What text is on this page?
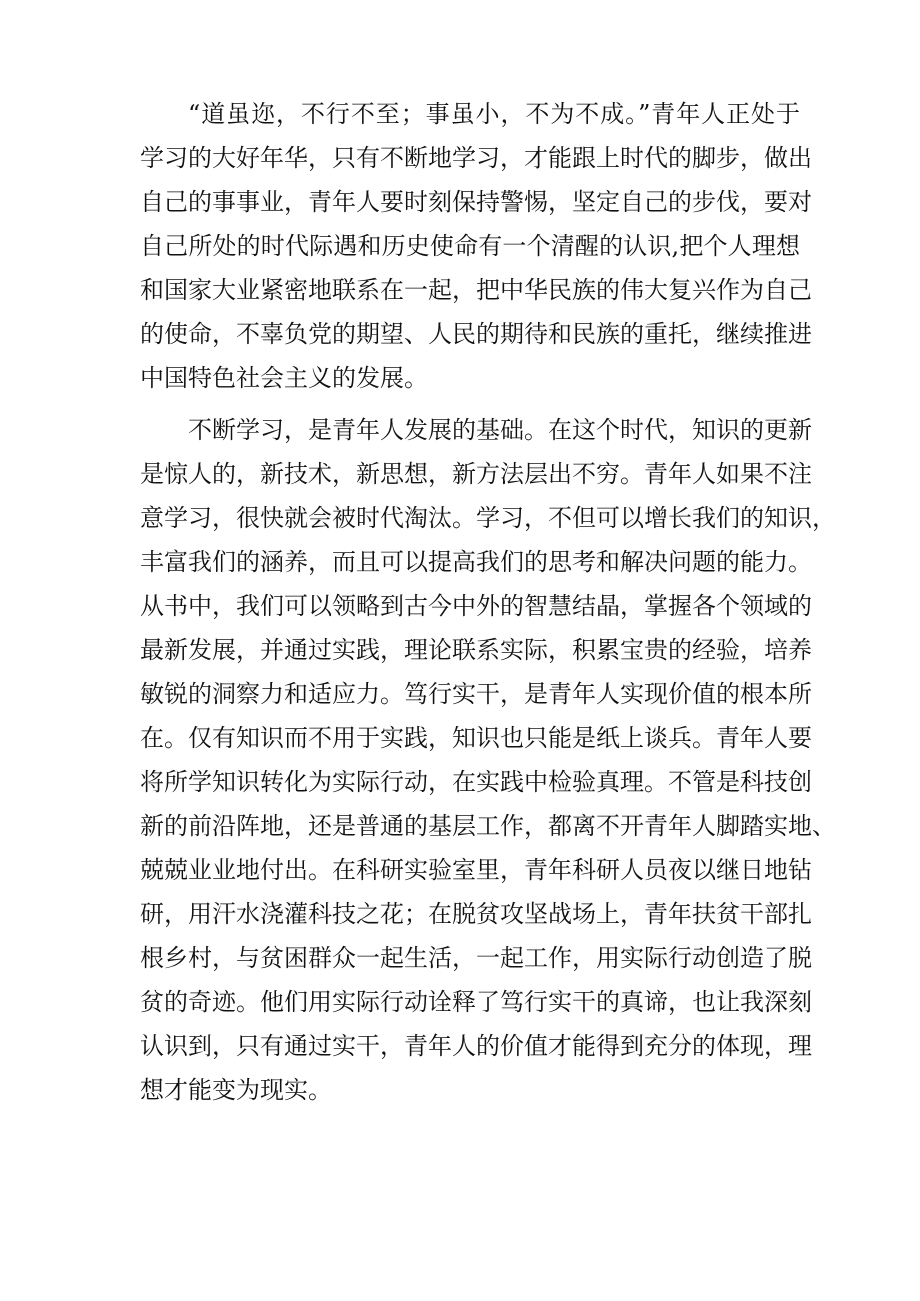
“道虽迩，不行不至；事虽小，不为不成。”青年人正处于
学习的大好年华，只有不断地学习，才能跟上时代的脚步，做出
自己的事事业，青年人要时刻保持警惕，坚定自己的步伐，要对
自己所处的时代际遇和历史使命有一个清醒的认识,把个人理想
和国家大业紧密地联系在一起，把中华民族的伟大复兴作为自己
的使命，不辜负党的期望、人民的期待和民族的重托，继续推进
中国特色社会主义的发展。
不断学习，是青年人发展的基础。在这个时代，知识的更新
是惊人的，新技术，新思想，新方法层出不穷。青年人如果不注
意学习，很快就会被时代淘汰。学习，不但可以增长我们的知识，
丰富我们的涵养，而且可以提高我们的思考和解决问题的能力。
从书中，我们可以领略到古今中外的智慧结晶，掌握各个领域的
最新发展，并通过实践，理论联系实际，积累宝贵的经验，培养
敏锐的洞察力和适应力。笃行实干，是青年人实现价值的根本所
在。仅有知识而不用于实践，知识也只能是纸上谈兵。青年人要
将所学知识转化为实际行动，在实践中检验真理。不管是科技创
新的前沿阵地，还是普通的基层工作，都离不开青年人脚踏实地、
兢兢业业地付出。在科研实验室里，青年科研人员夜以继日地钻
研，用汗水浇灌科技之花；在脱贫攻坚战场上，青年扶贫干部扎
根乡村，与贫困群众一起生活，一起工作，用实际行动创造了脱
贫的奇迹。他们用实际行动诠释了笃行实干的真谛，也让我深刻
认识到，只有通过实干，青年人的价值才能得到充分的体现，理
想才能变为现实。
